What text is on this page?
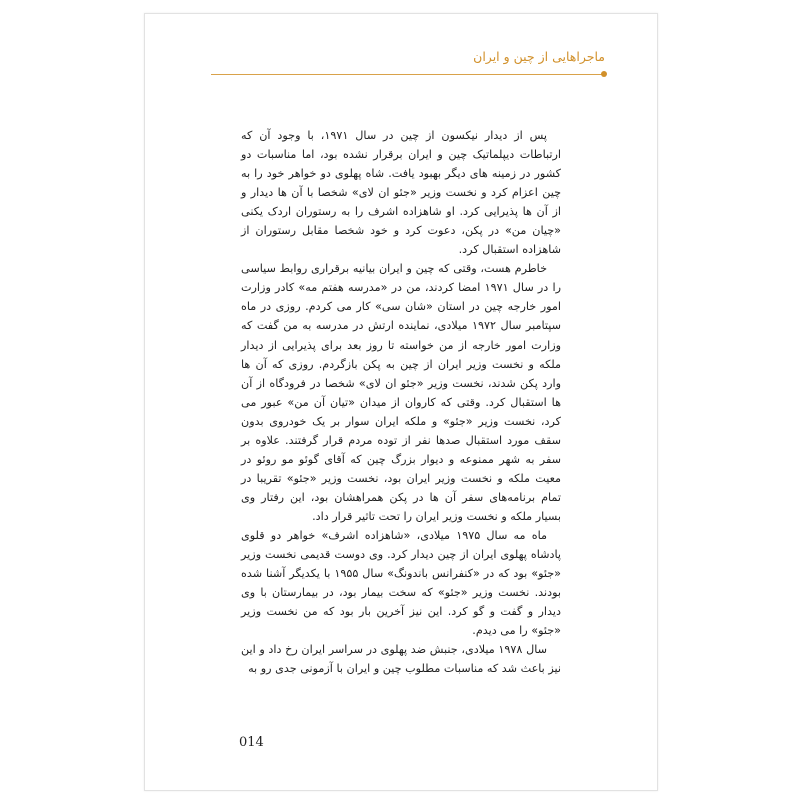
ماجراهایی از چین و ایران

پس از دیدار نیکسون از چین در سال ۱۹۷۱، با وجود آن که ارتباطات دیپلماتیک چین و ایران برقرار نشده بود، اما مناسبات دو کشور در زمینه های دیگر بهبود یافت. شاه پهلوی دو خواهر خود را به چین اعزام کرد و نخست وزیر «جئو ان لای» شخصا با آن ها دیدار و از آن ها پذیرایی کرد. او شاهزاده اشرف را به رستوران اردک یکنی «چیان من» در پکن، دعوت کرد و خود شخصا مقابل رستوران از شاهزاده استقبال کرد.

خاطرم هست، وقتی که چین و ایران بیانیه برقراری روابط سیاسی را در سال ۱۹۷۱ امضا کردند، من در «مدرسه هفتم مه» کادر وزارت امور خارجه چین در استان «شان سی» کار می کردم. روزی در ماه سپتامبر سال ۱۹۷۲ میلادی، نماینده ارتش در مدرسه به من گفت که وزارت امور خارجه از من خواسته تا روز بعد برای پذیرایی از دیدار ملکه و نخست وزیر ایران از چین به پکن بازگردم. روزی که آن ها وارد پکن شدند، نخست وزیر «جئو ان لای» شخصا در فرودگاه از آن ها استقبال کرد. وقتی که کاروان از میدان «تیان آن من» عبور می کرد، نخست وزیر «جئو» و ملکه ایران سوار بر یک خودروی بدون سقف مورد استقبال صدها نفر از توده مردم قرار گرفتند. علاوه بر سفر به شهر ممنوعه و دیوار بزرگ چین که آقای گوئو مو روئو در معیت ملکه و نخست وزیر ایران بود، نخست وزیر «جئو» تقریبا در تمام برنامه‌های سفر آن ها در پکن همراهشان بود، این رفتار وی بسیار ملکه و نخست وزیر ایران را تحت تاثیر قرار داد.

ماه مه سال ۱۹۷۵ میلادی، «شاهزاده اشرف» خواهر دو قلوی پادشاه پهلوی ایران از چین دیدار کرد. وی دوست قدیمی نخست وزیر «جئو» بود که در «کنفرانس باندونگ» سال ۱۹۵۵ با یکدیگر آشنا شده بودند. نخست وزیر «جئو» که سخت بیمار بود، در بیمارستان با وی دیدار و گفت و گو کرد. این نیز آخرین بار بود که من نخست وزیر «جئو» را می دیدم.

سال ۱۹۷۸ میلادی، جنبش ضد پهلوی در سراسر ایران رخ داد و این نیز باعث شد که مناسبات مطلوب چین و ایران با آزمونی جدی رو به

014
